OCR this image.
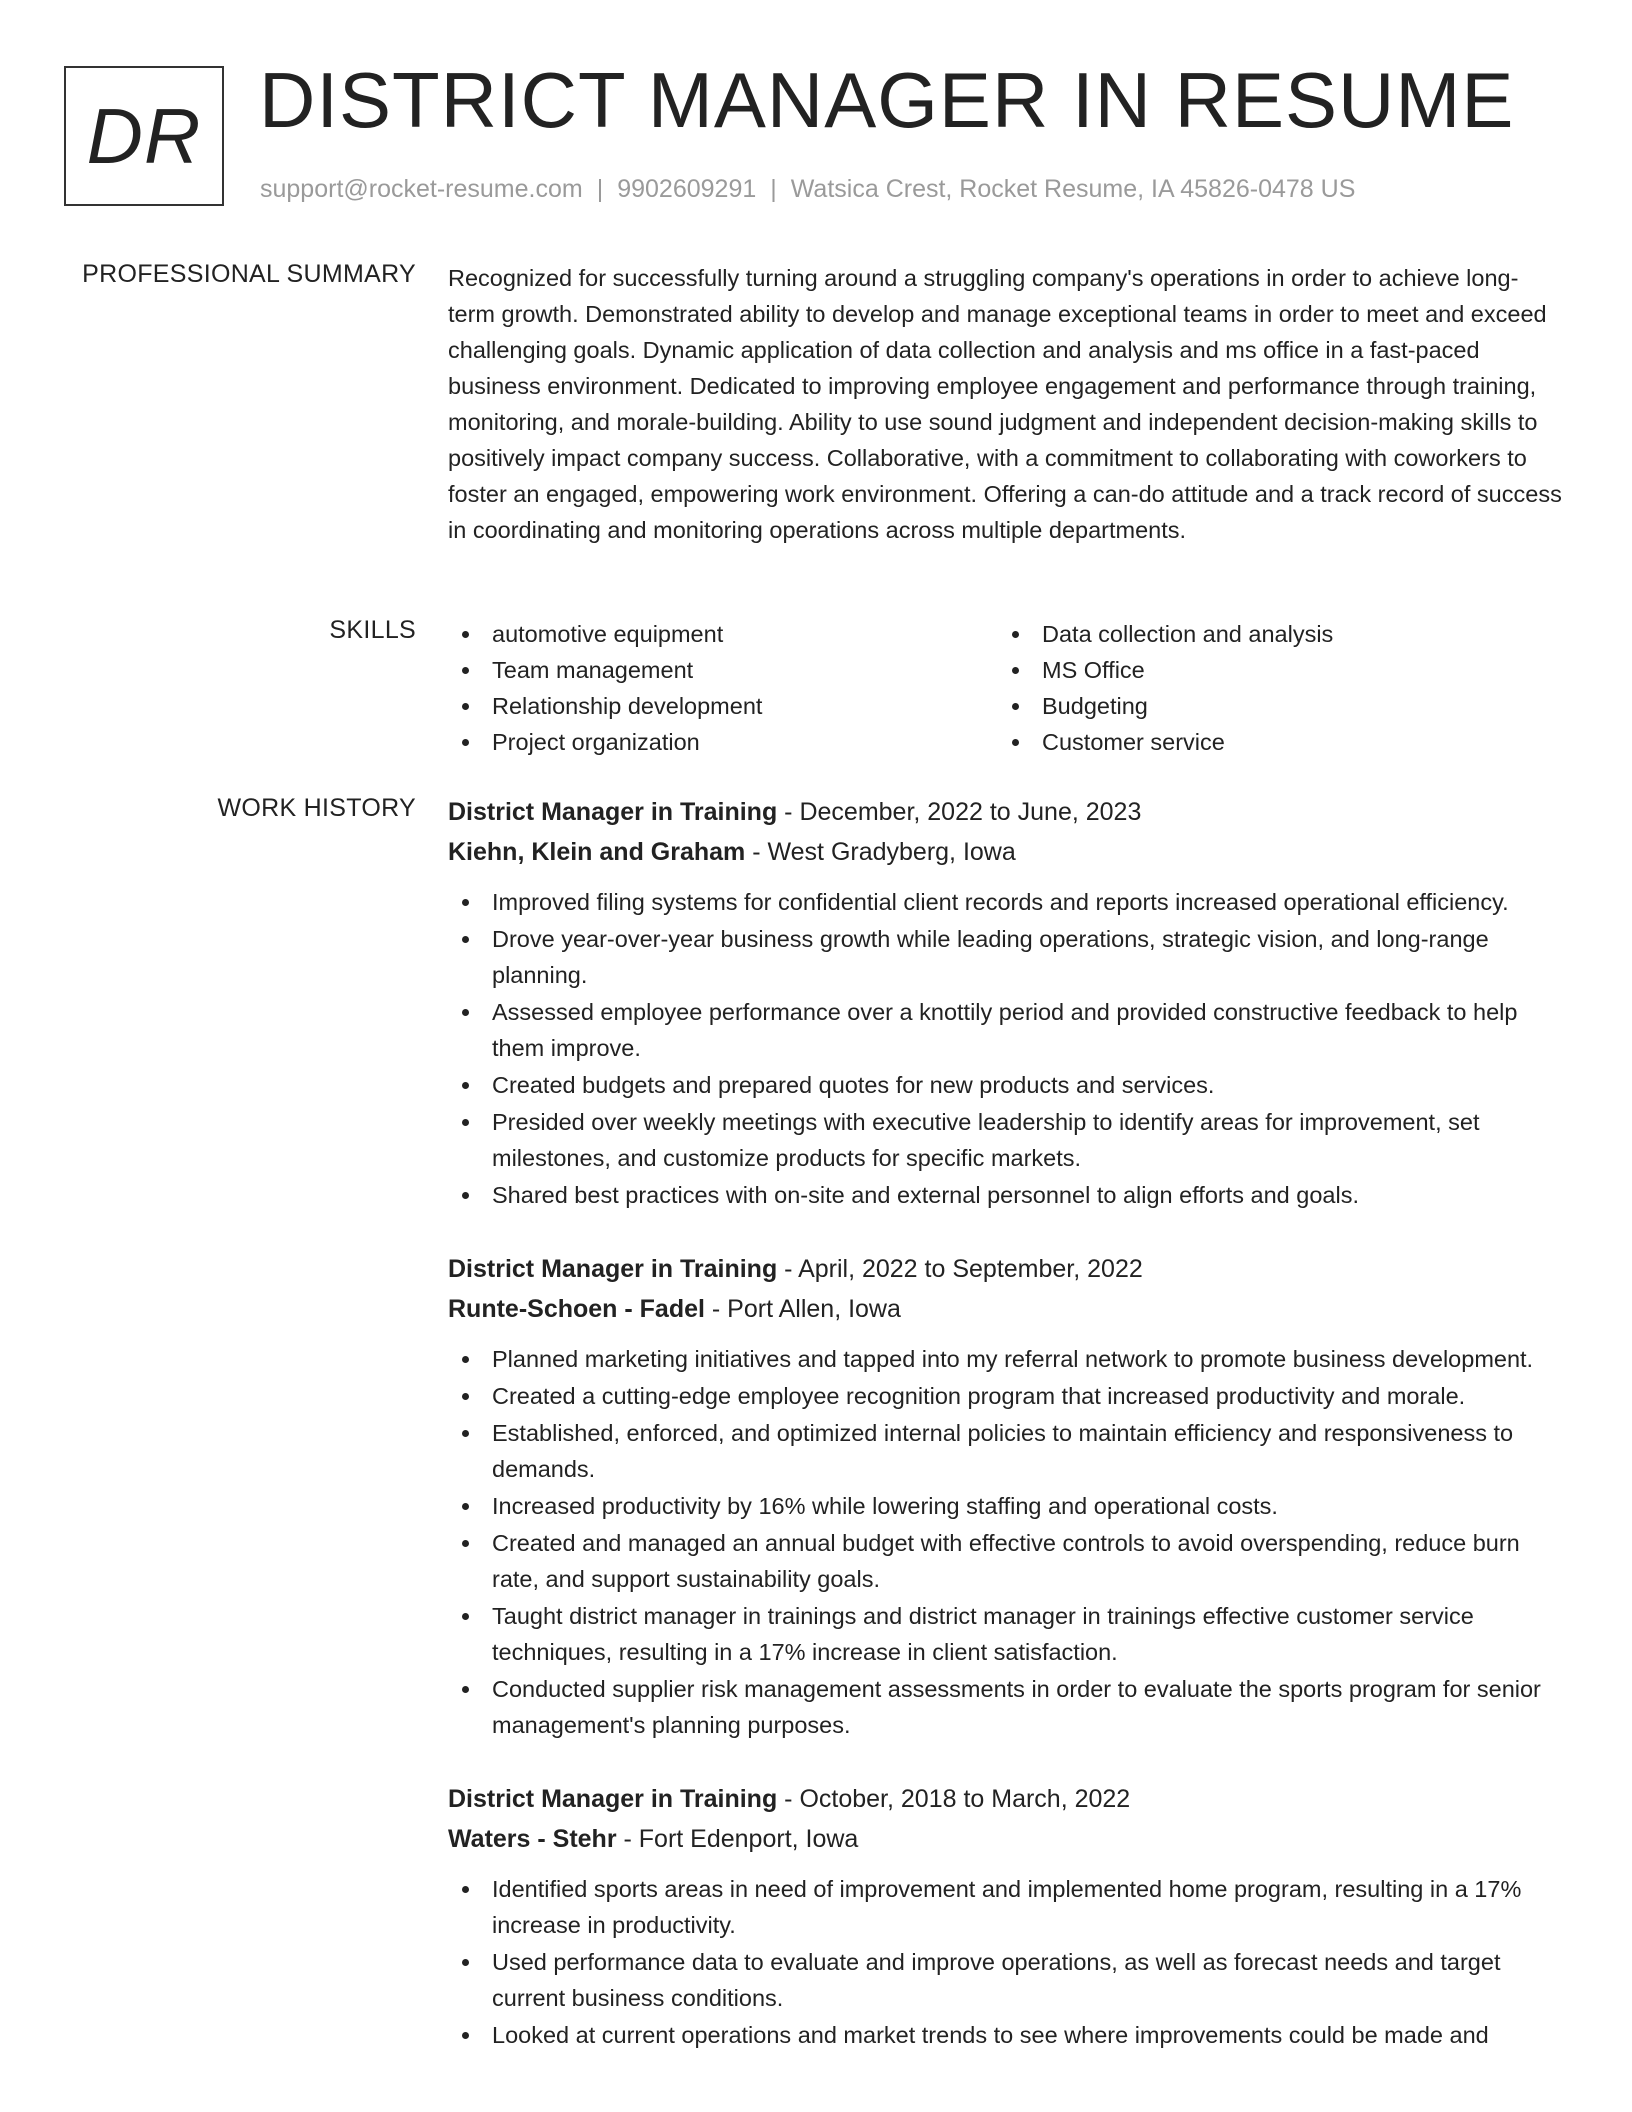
DR DISTRICT MANAGER IN RESUME
support@rocket-resume.com | 9902609291 | Watsica Crest, Rocket Resume, IA 45826-0478 US
PROFESSIONAL SUMMARY Recognized for successfully turning around a struggling company's operations in order to achieve long-term growth. Demonstrated ability to develop and manage exceptional teams in order to meet and exceed challenging goals. Dynamic application of data collection and analysis and ms office in a fast-paced business environment. Dedicated to improving employee engagement and performance through training, monitoring, and morale-building. Ability to use sound judgment and independent decision-making skills to positively impact company success. Collaborative, with a commitment to collaborating with coworkers to foster an engaged, empowering work environment. Offering a can-do attitude and a track record of success in coordinating and monitoring operations across multiple departments.

SKILLS	automotive equipment
Team management
Relationship development
Project organization
Data collection and analysis
MS Office
Budgeting
Customer service
WORK HISTORY District Manager in Training - December, 2022 to June, 2023
Kiehn, Klein and Graham - West Gradyberg, Iowa
Improved filing systems for confidential client records and reports increased operational efficiency.
Drove year-over-year business growth while leading operations, strategic vision, and long-range planning.
Assessed employee performance over a knottily period and provided constructive feedback to help them improve.
Created budgets and prepared quotes for new products and services.
Presided over weekly meetings with executive leadership to identify areas for improvement, set milestones, and customize products for specific markets.
Shared best practices with on-site and external personnel to align efforts and goals.
District Manager in Training - April, 2022 to September, 2022
Runte-Schoen - Fadel - Port Allen, Iowa
Planned marketing initiatives and tapped into my referral network to promote business development.
Created a cutting-edge employee recognition program that increased productivity and morale.
Established, enforced, and optimized internal policies to maintain efficiency and responsiveness to demands.
Increased productivity by 16% while lowering staffing and operational costs.
Created and managed an annual budget with effective controls to avoid overspending, reduce burn rate, and support sustainability goals.
Taught district manager in trainings and district manager in trainings effective customer service techniques, resulting in a 17% increase in client satisfaction.
Conducted supplier risk management assessments in order to evaluate the sports program for senior management's planning purposes.
District Manager in Training - October, 2018 to March, 2022
Waters - Stehr - Fort Edenport, Iowa
Identified sports areas in need of improvement and implemented home program, resulting in a 17% increase in productivity.
Used performance data to evaluate and improve operations, as well as forecast needs and target current business conditions.
Looked at current operations and market trends to see where improvements could be made and
